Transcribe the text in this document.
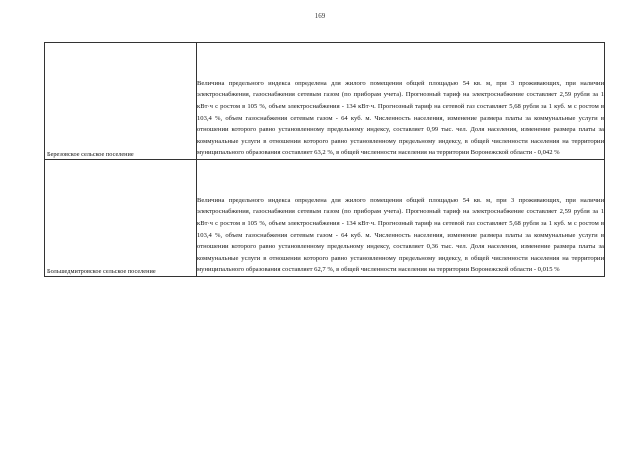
169
Березовское сельское поселение	Величина предельного индекса определена для жилого помещения общей площадью 54 кв. м, при 3 проживающих, при наличии электроснабжения, газоснабжения сетевым газом (по приборам учета). Прогнозный тариф на электроснабжение составляет 2,59 рубля за 1 кВт·ч с ростом в 105 %, объем электроснабжения - 134 кВт·ч. Прогнозный тариф на сетевой газ составляет 5,68 рубля за 1 куб. м с ростом в 103,4 %, объем газоснабжения сетевым газом - 64 куб. м. Численность населения, изменение размера платы за коммунальные услуги в отношении которого равно установленному предельному индексу, составляет 0,99 тыс. чел. Доля населения, изменение размера платы за коммунальные услуги в отношении которого равно установленному предельному индексу, в общей численности населения на территории муниципального образования составляет 63,2 %, в общей численности населения на территории Воронежской области - 0,042 %

Большедмитровское сельское поселение	Величина предельного индекса определена для жилого помещения общей площадью 54 кв. м, при 3 проживающих, при наличии электроснабжения, газоснабжения сетевым газом (по приборам учета). Прогнозный тариф на электроснабжение составляет 2,59 рубля за 1 кВт·ч с ростом в 105 %, объем электроснабжения - 134 кВт·ч. Прогнозный тариф на сетевой газ составляет 5,68 рубля за 1 куб. м с ростом в 103,4 %, объем газоснабжения сетевым газом - 64 куб. м. Численность населения, изменение размера платы за коммунальные услуги в отношении которого равно установленному предельному индексу, составляет 0,36 тыс. чел. Доля населения, изменение размера платы за коммунальные услуги в отношении которого равно установленному предельному индексу, в общей численности населения на территории муниципального образования составляет 62,7 %, в общей численности населения на территории Воронежской области - 0,015 %
